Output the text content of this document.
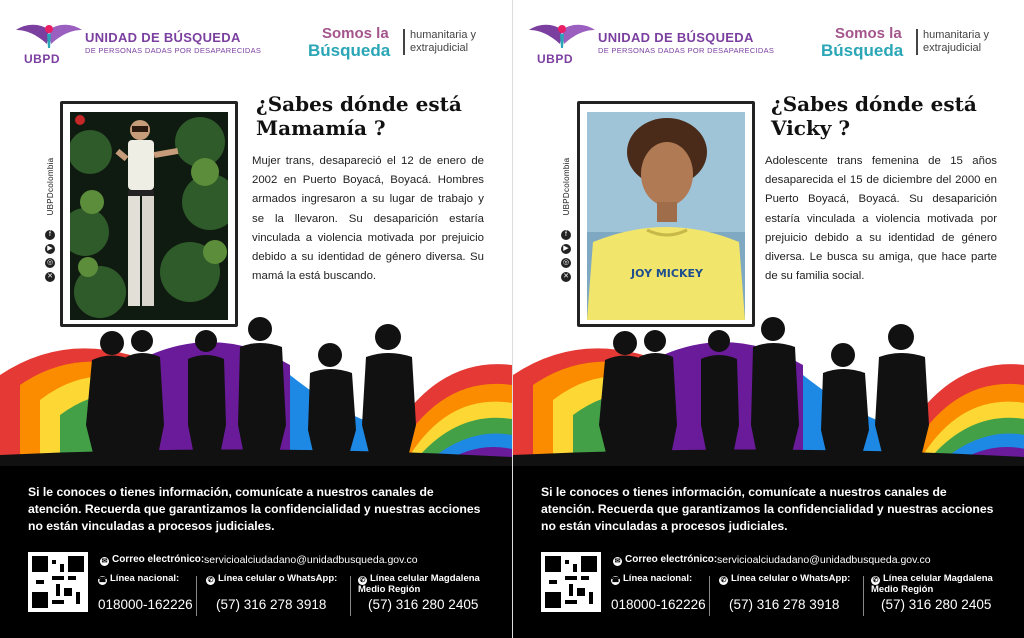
UBPD
UNIDAD DE BÚSQUEDA
DE PERSONAS DADAS POR DESAPARECIDAS
Somos la
Búsqueda
humanitaria y extrajudicial
UBPDcolombia
f
▶
◎
✕
¿Sabes dónde está Mamamía ?
Mujer trans, desapareció el 12 de enero de 2002 en Puerto Boyacá, Boyacá. Hombres armados ingresaron a su lugar de trabajo y se la llevaron. Su desaparición estaría vinculada a violencia motivada por prejuicio debido a su identidad de género diversa. Su mamá la está buscando.
Si le conoces o tienes información, comunícate a nuestros canales de atención. Recuerda que garantizamos la confidencialidad y nuestras acciones no están vinculadas a procesos judiciales.
✉ Correo electrónico: servicioalciudadano@unidadbusqueda.gov.co
☎ Línea nacional:
018000-162226
✆ Línea celular o WhatsApp:
(57) 316 278 3918
✆ Línea celular Magdalena Medio Región
(57) 316 280 2405
UBPD
UNIDAD DE BÚSQUEDA
DE PERSONAS DADAS POR DESAPARECIDAS
Somos la
Búsqueda
humanitaria y extrajudicial
UBPDcolombia
f
▶
◎
✕	JOY MICKEY
¿Sabes dónde está Vicky ?
Adolescente trans femenina de 15 años desaparecida el 15 de diciembre del 2000 en Puerto Boyacá, Boyacá. Su desaparición estaría vinculada a violencia motivada por prejuicio debido a su identidad de género diversa. Le busca su amiga, que hace parte de su familia social.
Si le conoces o tienes información, comunícate a nuestros canales de atención. Recuerda que garantizamos la confidencialidad y nuestras acciones no están vinculadas a procesos judiciales.
✉ Correo electrónico: servicioalciudadano@unidadbusqueda.gov.co
☎ Línea nacional:
018000-162226
✆ Línea celular o WhatsApp:
(57) 316 278 3918
✆ Línea celular Magdalena Medio Región
(57) 316 280 2405
